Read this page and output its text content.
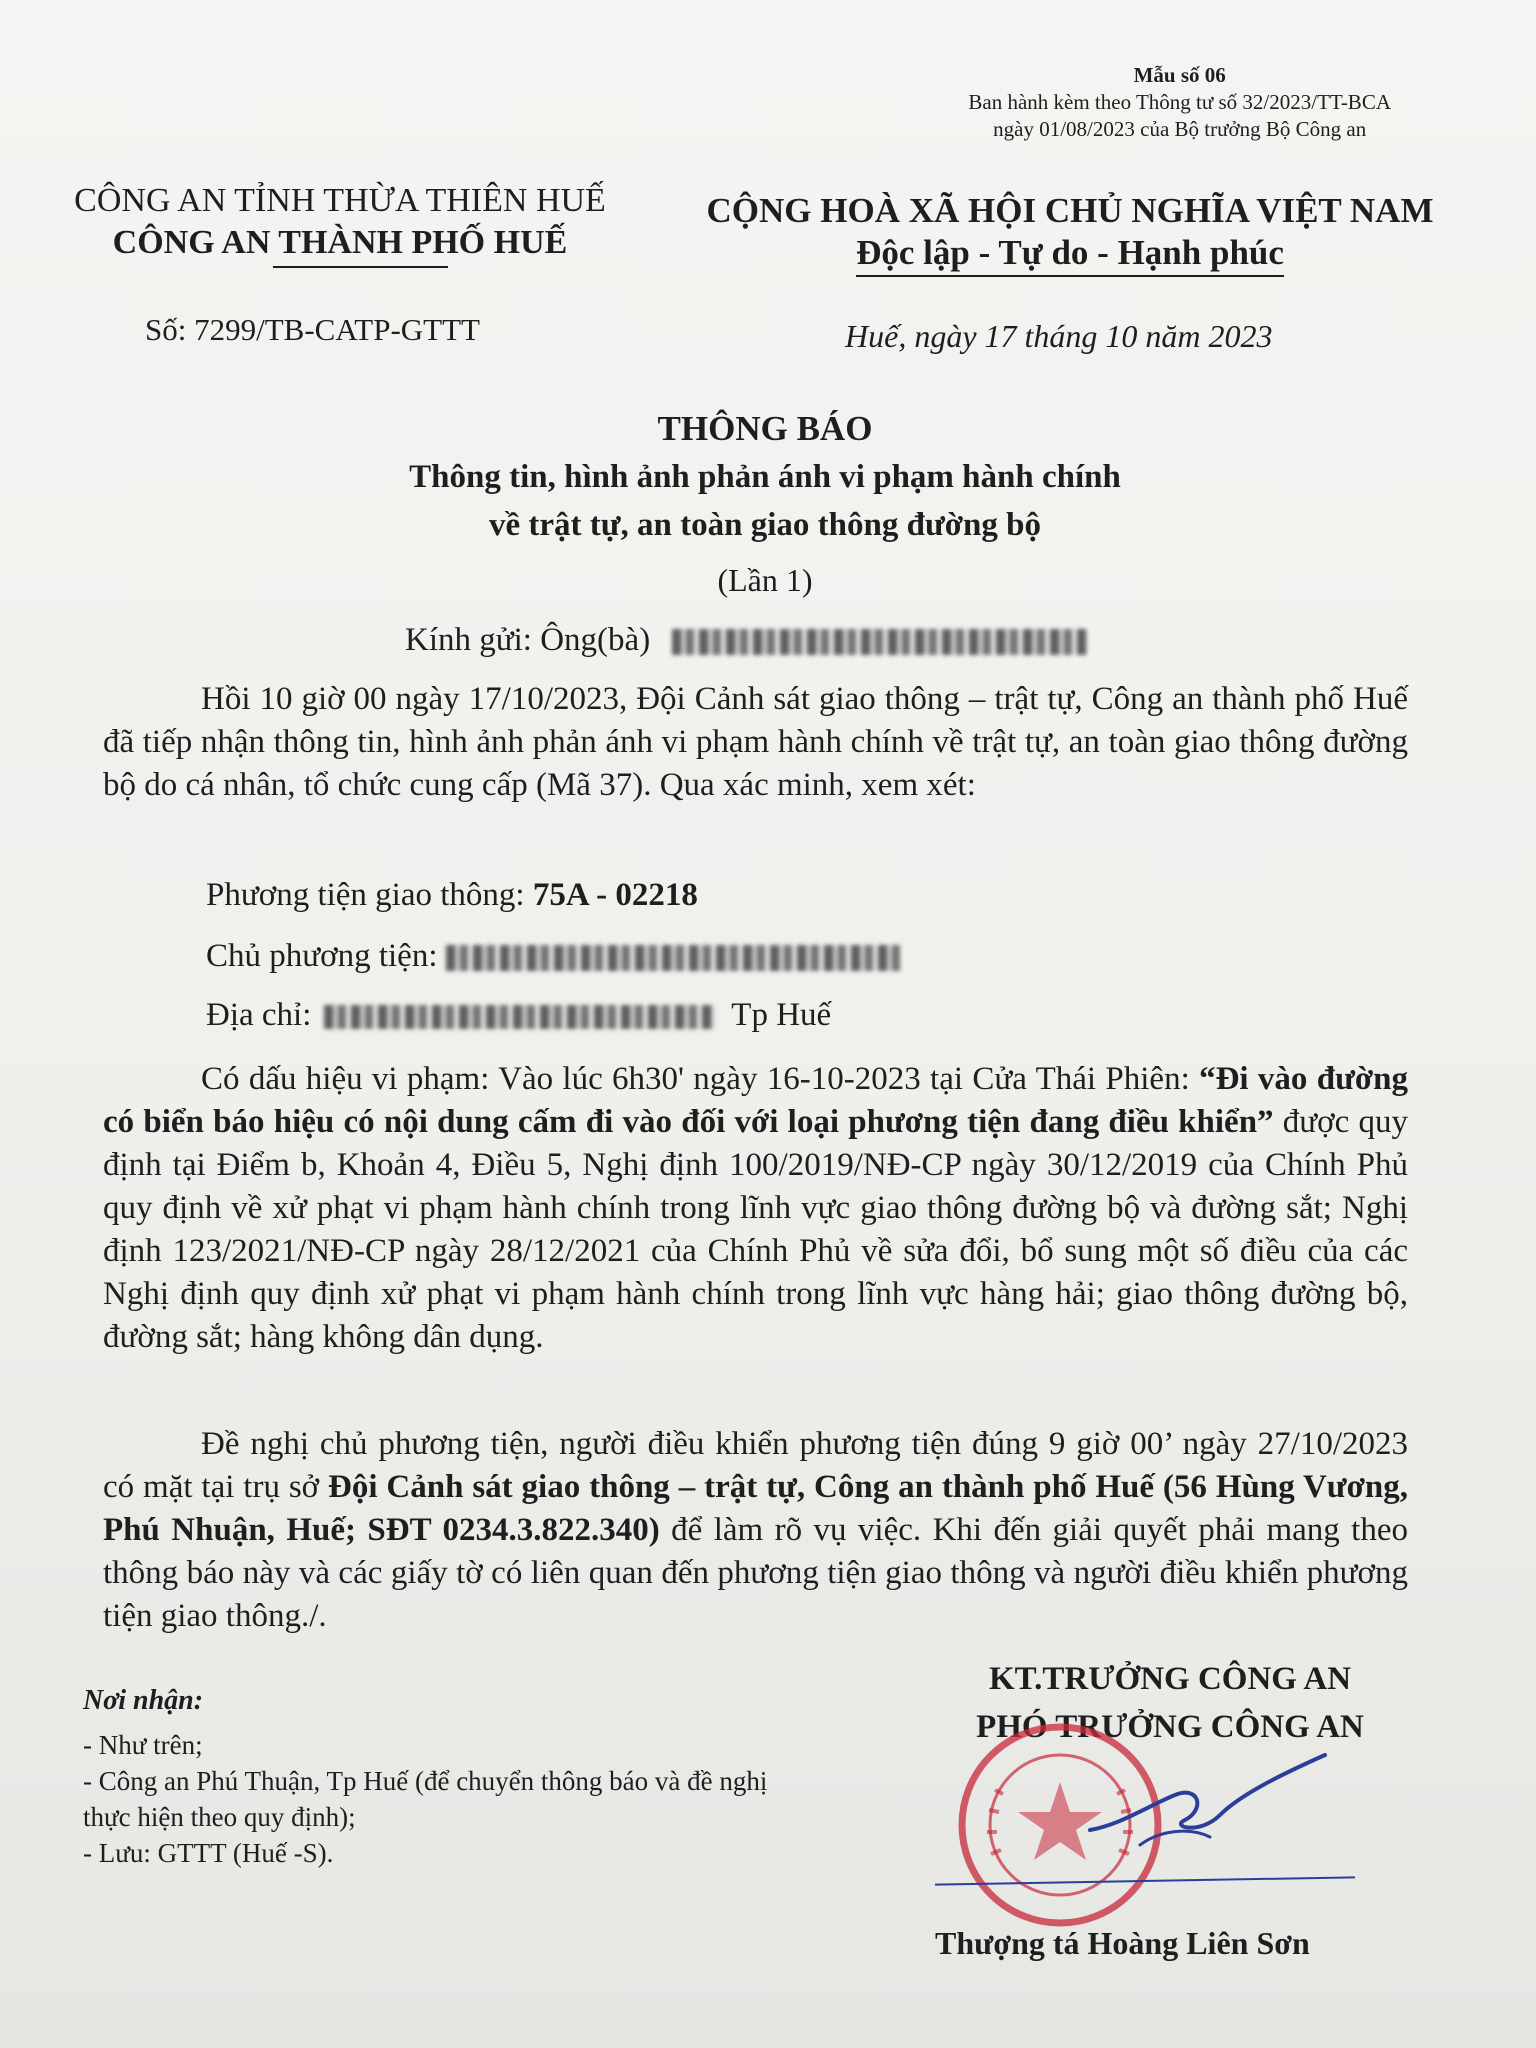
Mẫu số 06
Ban hành kèm theo Thông tư số 32/2023/TT-BCA
ngày 01/08/2023 của Bộ trưởng Bộ Công an
CÔNG AN TỈNH THỪA THIÊN HUẾ
CÔNG AN THÀNH PHỐ HUẾ
CỘNG HOÀ XÃ HỘI CHỦ NGHĨA VIỆT NAM
Độc lập - Tự do - Hạnh phúc
Số: 7299/TB-CATP-GTTT	Huế, ngày 17 tháng 10 năm 2023
THÔNG BÁO
Thông tin, hình ảnh phản ánh vi phạm hành chính
về trật tự, an toàn giao thông đường bộ
(Lần 1)
Kính gửi: Ông(bà)

Hồi 10 giờ 00 ngày 17/10/2023, Đội Cảnh sát giao thông – trật tự, Công an thành phố Huế đã tiếp nhận thông tin, hình ảnh phản ánh vi phạm hành chính về trật tự, an toàn giao thông đường bộ do cá nhân, tổ chức cung cấp (Mã 37). Qua xác minh, xem xét:

Phương tiện giao thông: 75A - 02218
Chủ phương tiện:
Địa chỉ:	Tp Huế

Có dấu hiệu vi phạm: Vào lúc 6h30' ngày 16-10-2023 tại Cửa Thái Phiên: “Đi vào đường có biển báo hiệu có nội dung cấm đi vào đối với loại phương tiện đang điều khiển” được quy định tại Điểm b, Khoản 4, Điều 5, Nghị định 100/2019/NĐ-CP ngày 30/12/2019 của Chính Phủ quy định về xử phạt vi phạm hành chính trong lĩnh vực giao thông đường bộ và đường sắt; Nghị định 123/2021/NĐ-CP ngày 28/12/2021 của Chính Phủ về sửa đổi, bổ sung một số điều của các Nghị định quy định xử phạt vi phạm hành chính trong lĩnh vực hàng hải; giao thông đường bộ, đường sắt; hàng không dân dụng.

Đề nghị chủ phương tiện, người điều khiển phương tiện đúng 9 giờ 00’ ngày 27/10/2023 có mặt tại trụ sở Đội Cảnh sát giao thông – trật tự, Công an thành phố Huế (56 Hùng Vương, Phú Nhuận, Huế; SĐT 0234.3.822.340) để làm rõ vụ việc. Khi đến giải quyết phải mang theo thông báo này và các giấy tờ có liên quan đến phương tiện giao thông và người điều khiển phương tiện giao thông./.

Nơi nhận:
- Như trên;
- Công an Phú Thuận, Tp Huế (để chuyển thông báo và đề nghị thực hiện theo quy định);
- Lưu: GTTT (Huế -S).
KT.TRƯỞNG CÔNG AN
PHÓ TRƯỞNG CÔNG AN
Thượng tá Hoàng Liên Sơn
